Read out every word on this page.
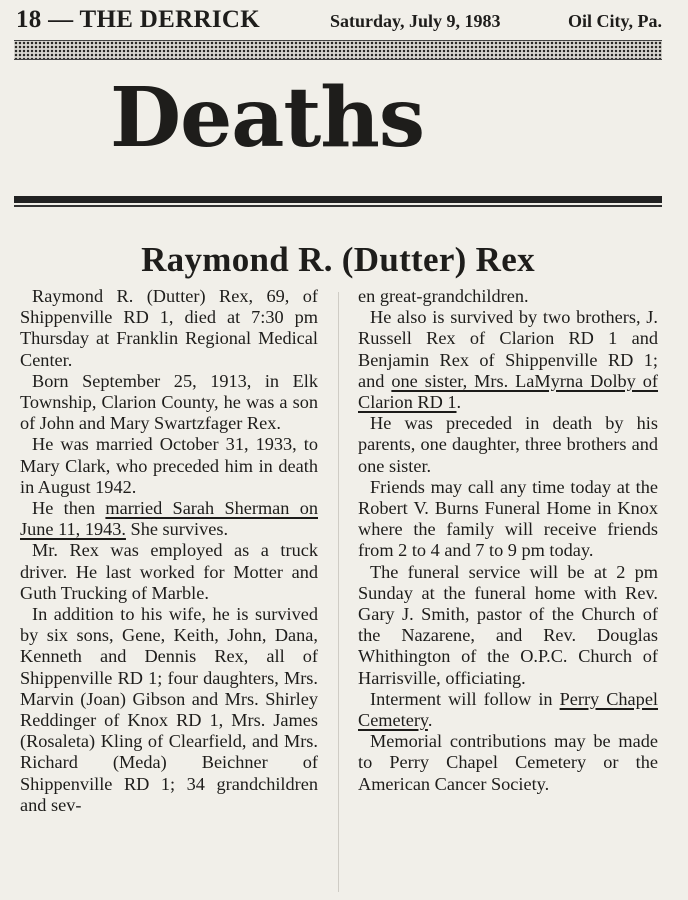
18 — THE DERRICK	Saturday, July 9, 1983	Oil City, Pa.
Deaths
Raymond R. (Dutter) Rex

Raymond R. (Dutter) Rex, 69, of Shippenville RD 1, died at 7:30 pm Thursday at Franklin Regional Medical Center.

Born September 25, 1913, in Elk Township, Clarion County, he was a son of John and Mary Swartzfager Rex.

He was married October 31, 1933, to Mary Clark, who preceded him in death in August 1942.

He then married Sarah Sherman on June 11, 1943. She survives.

Mr. Rex was employed as a truck driver. He last worked for Motter and Guth Trucking of Marble.

In addition to his wife, he is survived by six sons, Gene, Keith, John, Dana, Kenneth and Dennis Rex, all of Shippenville RD 1; four daughters, Mrs. Marvin (Joan) Gibson and Mrs. Shirley Reddinger of Knox RD 1, Mrs. James (Rosaleta) Kling of Clearfield, and Mrs. Richard (Meda) Beichner of Shippenville RD 1; 34 grandchildren and sev-

en great-grandchildren.

He also is survived by two brothers, J. Russell Rex of Clarion RD 1 and Benjamin Rex of Shippenville RD 1; and one sister, Mrs. LaMyrna Dolby of Clarion RD 1.

He was preceded in death by his parents, one daughter, three brothers and one sister.

Friends may call any time today at the Robert V. Burns Funeral Home in Knox where the family will receive friends from 2 to 4 and 7 to 9 pm today.

The funeral service will be at 2 pm Sunday at the funeral home with Rev. Gary J. Smith, pastor of the Church of the Nazarene, and Rev. Douglas Whithington of the O.P.C. Church of Harrisville, officiating.

Interment will follow in Perry Chapel Cemetery.

Memorial contributions may be made to Perry Chapel Cemetery or the American Cancer Society.
